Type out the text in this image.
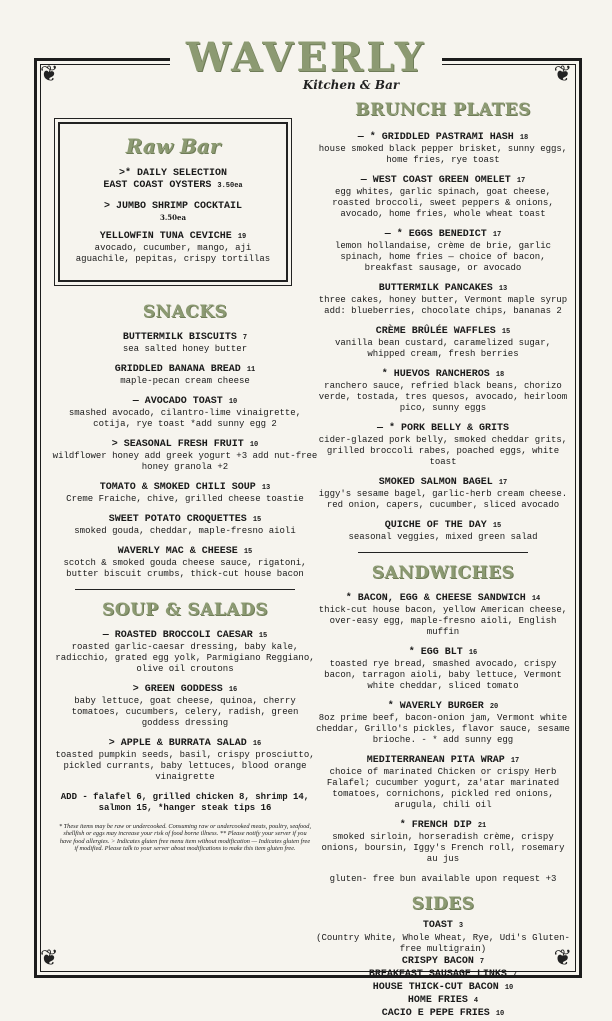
❦	❦
❦	❦
WAVERLY
Kitchen & Bar
Raw Bar
>* DAILY SELECTION
EAST COAST OYSTERS 3.50ea
> JUMBO SHRIMP COCKTAIL
3.50ea
YELLOWFIN TUNA CEVICHE 19
avocado, cucumber, mango, aji aguachile, pepitas, crispy tortillas
SNACKS
BUTTERMILK BISCUITS 7
sea salted honey butter
GRIDDLED BANANA BREAD 11
maple-pecan cream cheese
— AVOCADO TOAST 10
smashed avocado, cilantro-lime vinaigrette, cotija, rye toast *add sunny egg 2
> SEASONAL FRESH FRUIT 10
wildflower honey add greek yogurt +3 add nut-free honey granola +2
TOMATO & SMOKED CHILI SOUP 13
Creme Fraiche, chive, grilled cheese toastie
SWEET POTATO CROQUETTES 15
smoked gouda, cheddar, maple-fresno aioli
WAVERLY MAC & CHEESE 15
scotch & smoked gouda cheese sauce, rigatoni, butter biscuit crumbs, thick-cut house bacon
SOUP & SALADS
— ROASTED BROCCOLI CAESAR 15
roasted garlic-caesar dressing, baby kale, radicchio, grated egg yolk, Parmigiano Reggiano, olive oil croutons
> GREEN GODDESS 16
baby lettuce, goat cheese, quinoa, cherry tomatoes, cucumbers, celery, radish, green goddess dressing
> APPLE & BURRATA SALAD 16
toasted pumpkin seeds, basil, crispy prosciutto, pickled currants, baby lettuces, blood orange vinaigrette
ADD - falafel 6, grilled chicken 8, shrimp 14, salmon 15, *hanger steak tips 16
* These items may be raw or undercooked. Consuming raw or undercooked meats, poultry, seafood, shellfish or eggs may increase your risk of food borne illness. ** Please notify your server if you have food allergies. > Indicates gluten free menu item without modification — Indicates gluten free if modified. Please talk to your server about modifications to make this item gluten free.
BRUNCH PLATES
— * GRIDDLED PASTRAMI HASH 18
house smoked black pepper brisket, sunny eggs, home fries, rye toast
— WEST COAST GREEN OMELET 17
egg whites, garlic spinach, goat cheese, roasted broccoli, sweet peppers & onions, avocado, home fries, whole wheat toast
— * EGGS BENEDICT 17
lemon hollandaise, crème de brie, garlic spinach, home fries — choice of bacon, breakfast sausage, or avocado
BUTTERMILK PANCAKES 13
three cakes, honey butter, Vermont maple syrup add: blueberries, chocolate chips, bananas 2
CRÈME BRÛLÉE WAFFLES 15
vanilla bean custard, caramelized sugar, whipped cream, fresh berries
* HUEVOS RANCHEROS 18
ranchero sauce, refried black beans, chorizo verde, tostada, tres quesos, avocado, heirloom pico, sunny eggs
— * PORK BELLY & GRITS
cider-glazed pork belly, smoked cheddar grits, grilled broccoli rabes, poached eggs, white toast
SMOKED SALMON BAGEL 17
iggy's sesame bagel, garlic-herb cream cheese. red onion, capers, cucumber, sliced avocado
QUICHE OF THE DAY 15
seasonal veggies, mixed green salad
SANDWICHES
* BACON, EGG & CHEESE SANDWICH 14
thick-cut house bacon, yellow American cheese, over-easy egg, maple-fresno aioli, English muffin
* EGG BLT 16
toasted rye bread, smashed avocado, crispy bacon, tarragon aioli, baby lettuce, Vermont white cheddar, sliced tomato
* WAVERLY BURGER 20
8oz prime beef, bacon-onion jam, Vermont white cheddar, Grillo's pickles, flavor sauce, sesame brioche. - * add sunny egg
MEDITERRANEAN PITA WRAP 17
choice of marinated Chicken or crispy Herb Falafel; cucumber yogurt, za'atar marinated tomatoes, cornichons, pickled red onions, arugula, chili oil
* FRENCH DIP 21
smoked sirloin, horseradish crème, crispy onions, boursin, Iggy's French roll, rosemary au jus
gluten- free bun available upon request +3
SIDES
TOAST 3
(Country White, Whole Wheat, Rye, Udi's Gluten-free multigrain)
CRISPY BACON 7
BREAKFAST SAUSAGE LINKS 7
HOUSE THICK-CUT BACON 10
HOME FRIES 4
CACIO E PEPE FRIES 10
